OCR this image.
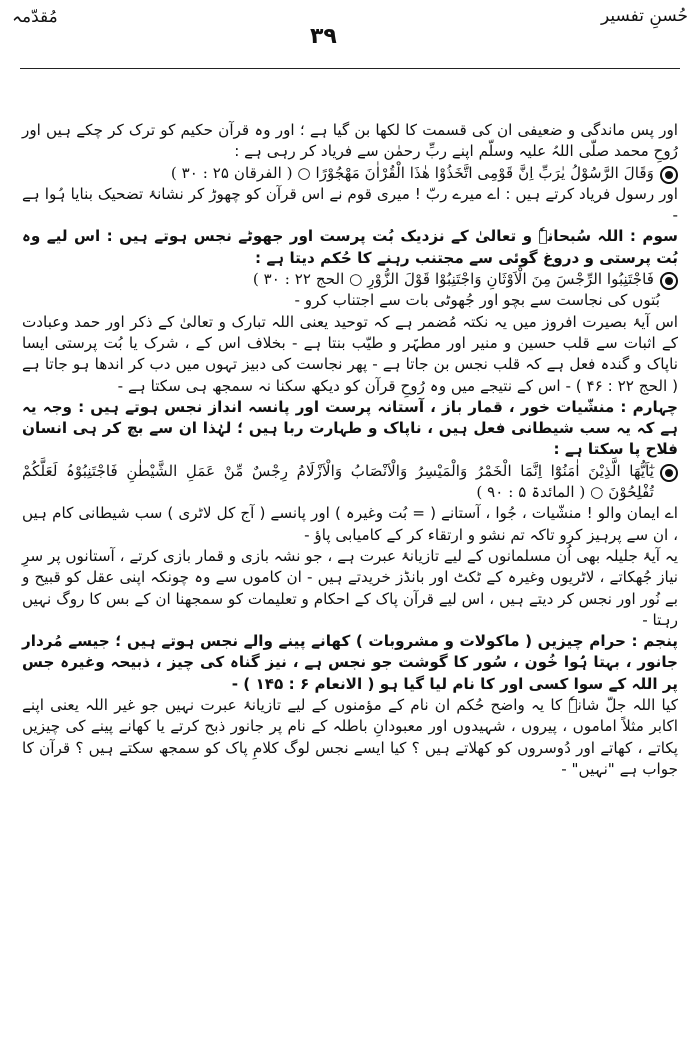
مُقدّمہ
۳۹
حُسنِ تفسیر

اور پس ماندگی و ضعیفی ان کی قسمت کا لکھا بن گیا ہے ؛ اور وہ قرآن حکیم کو ترک کر چکے ہیں اور رُوحِ محمد صلّی اللہُ علیہ وسلّم اپنے ربِّ رحمٰن سے فریاد کر رہی ہے :

وَقَالَ الرَّسُوْلُ یٰرَبِّ اِنَّ قَوْمِی اتَّخَذُوْا ھٰذَا الْقُرْاٰنَ مَھْجُوْرًا ○ ( الفرقان ۲۵ : ۳۰ )

اور رسول فریاد کرتے ہیں : اے میرے ربّ ! میری قوم نے اس قرآن کو چھوڑ کر نشانۂ تضحیک بنایا ہُوا ہے -

سوم : اللہ سُبحانہٗ و تعالیٰ کے نزدیک بُت پرست اور جھوٹے نجس ہوتے ہیں : اس لیے وہ بُت پرستی و دروغ گوئی سے مجتنب رہنے کا حُکم دیتا ہے :

فَاجْتَنِبُوا الرِّجْسَ مِنَ الْاَوْثَانِ وَاجْتَنِبُوْا قَوْلَ الزُّوْرِ ○ الحج ۲۲ : ۳۰ )

بُتوں کی نجاست سے بچو اور جُھوٹی بات سے اجتناب کرو -

اس آیۂ بصیرت افروز میں یہ نکتہ مُضمر ہے کہ توحید یعنی اللہ تبارک و تعالیٰ کے ذکر اور حمد وعبادت کے اثبات سے قلب حسین و منیر اور مطہّر و طیّب بنتا ہے - بخلاف اس کے ، شرک یا بُت پرستی ایسا ناپاک و گندہ فعل ہے کہ قلب نجس بن جاتا ہے - پھر نجاست کی دبیز تہوں میں دب کر اندھا ہو جاتا ہے ( الحج ۲۲ : ۴۶ ) - اس کے نتیجے میں وہ رُوحِ قرآن کو دیکھ سکنا نہ سمجھ ہی سکتا ہے -

چہارم : منشّیات خور ، قمار باز ، آستانہ پرست اور پانسہ انداز نجس ہوتے ہیں : وجہ یہ ہے کہ یہ سب شیطانی فعل ہیں ، ناپاک و طہارت ربا ہیں ؛ لہٰذا ان سے بچ کر ہی انسان فلاح پا سکتا ہے :

یٰٓاَیُّھَا الَّذِیْنَ اٰمَنُوْٓا اِنَّمَا الْخَمْرُ وَالْمَیْسِرُ وَالْاَنْصَابُ وَالْاَزْلَامُ رِجْسٌ مِّنْ عَمَلِ الشَّیْطٰنِ فَاجْتَنِبُوْہُ لَعَلَّکُمْ تُفْلِحُوْنَ ○ ( المائدۃ ۵ : ۹۰ )

اے ایمان والو ! منشّیات ، جُوا ، آستانے ( = بُت وغیرہ ) اور پانسے ( آج کل لاٹری ) سب شیطانی کام ہیں ، ان سے پرہیز کرو تاکہ تم نشو و ارتقاء کر کے کامیابی پاؤ -

یہ آیۂ جلیلہ بھی اُن مسلمانوں کے لیے تازیانۂ عبرت ہے ، جو نشہ بازی و قمار بازی کرتے ، آستانوں پر سرِ نیاز جُھکاتے ، لاٹریوں وغیرہ کے ٹکٹ اور بانڈز خریدتے ہیں - ان کاموں سے وہ چونکہ اپنی عقل کو قبیح و بے نُور اور نجس کر دیتے ہیں ، اس لیے قرآن پاک کے احکام و تعلیمات کو سمجھنا ان کے بس کا روگ نہیں رہتا -

پنجم : حرام چیزیں ( ماکولات و مشروبات ) کھانے پینے والے نجس ہوتے ہیں ؛ جیسے مُردار جانور ، بہتا ہُوا خُون ، سُور کا گوشت جو نجس ہے ، نیز گناہ کی چیز ، ذبیحہ وغیرہ جس پر اللہ کے سوا کسی اور کا نام لیا گیا ہو ( الانعام ۶ : ۱۴۵ ) -

کیا اللہ جلّ شانہٗ کا یہ واضح حُکم ان نام کے مؤمنوں کے لیے تازیانۂ عبرت نہیں جو غیر اللہ یعنی اپنے اکابر مثلاً اماموں ، پیروں ، شہیدوں اور معبودانِ باطلہ کے نام پر جانور ذبح کرتے یا کھانے پینے کی چیزیں پکاتے ، کھاتے اور دُوسروں کو کھلاتے ہیں ؟ کیا ایسے نجس لوگ کلامِ پاک کو سمجھ سکتے ہیں ؟ قرآن کا جواب ہے "نہیں" -
